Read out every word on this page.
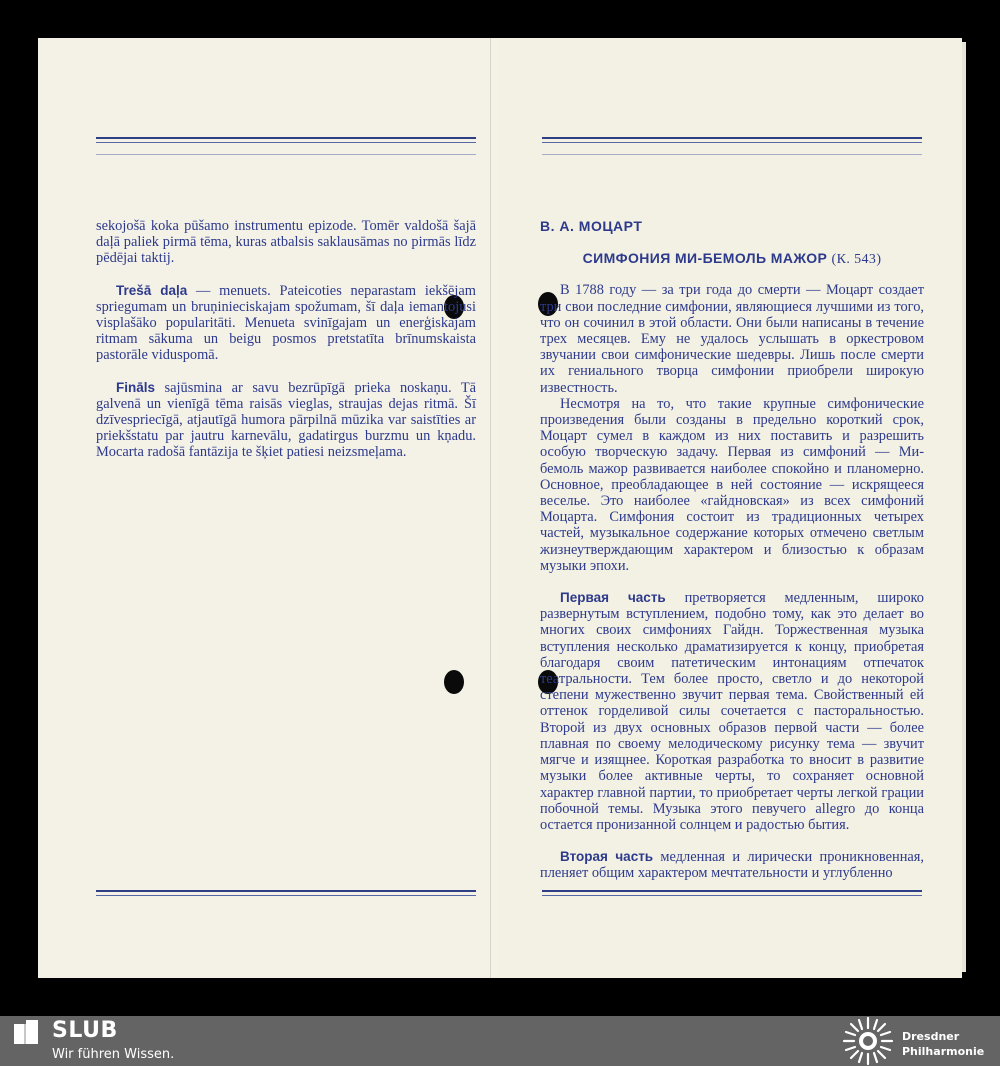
sekojošā koka pūšamo instrumentu epizode. Tomēr valdošā šajā daļā paliek pirmā tēma, kuras atbalsis saklausāmas no pirmās līdz pēdējai taktij.

Trešā daļa — menuets. Pateicoties neparastam iekšējam spriegumam un bruņinieciskajam spožumam, šī daļa iemantojusi visplašāko popularitāti. Menueta svinīgajam un enerģiskajam ritmam sākuma un beigu posmos pretstatīta brīnumskaista pastorāle viduspomā.

Fināls sajūsmina ar savu bezrūpīgā prieka noskaņu. Tā galvenā un vienīgā tēma raisās vieglas, straujas dejas ritmā. Šī dzīvespriecīgā, atjautīgā humora pārpilnā mūzika var saistīties ar priekšstatu par jautru karnevālu, gadatirgus burzmu un kņadu. Mocarta radošā fantāzija te šķiet patiesi neizsmeļama.

В. А. МОЦАРТ
СИМФОНИЯ МИ-БЕМОЛЬ МАЖОР (К. 543)

В 1788 году — за три года до смерти — Моцарт создает три свои последние симфонии, являющиеся лучшими из того, что он сочинил в этой области. Они были написаны в течение трех месяцев. Ему не удалось услышать в оркестровом звучании свои симфонические шедевры. Лишь после смерти их гениального творца симфонии приобрели широкую известность.

Несмотря на то, что такие крупные симфонические произведения были созданы в предельно короткий срок, Моцарт сумел в каждом из них поставить и разрешить особую творческую задачу. Первая из симфоний — Ми-бемоль мажор развивается наиболее спокойно и планомерно. Основное, преобладающее в ней состояние — искрящееся веселье. Это наиболее «гайдновская» из всех симфоний Моцарта. Симфония состоит из традиционных четырех частей, музыкальное содержание которых отмечено светлым жизнеутверждающим характером и близостью к образам музыки эпохи.

Первая часть претворяется медленным, широко развернутым вступлением, подобно тому, как это делает во многих своих симфониях Гайдн. Торжественная музыка вступления несколько драматизируется к концу, приобретая благодаря своим патетическим интонациям отпечаток театральности. Тем более просто, светло и до некоторой степени мужественно звучит первая тема. Свойственный ей оттенок горделивой силы сочетается с пасторальностью. Второй из двух основных образов первой части — более плавная по своему мелодическому рисунку тема — звучит мягче и изящнее. Короткая разработка то вносит в развитие музыки более активные черты, то сохраняет основной характер главной партии, то приобретает черты легкой грации побочной темы. Музыка этого певучего allegro до конца остается пронизанной солнцем и радостью бытия.

Вторая часть медленная и лирически проникновенная, пленяет общим характером мечтательности и углубленно

SLUB
Wir führen Wissen.
Dresdner
Philharmonie
